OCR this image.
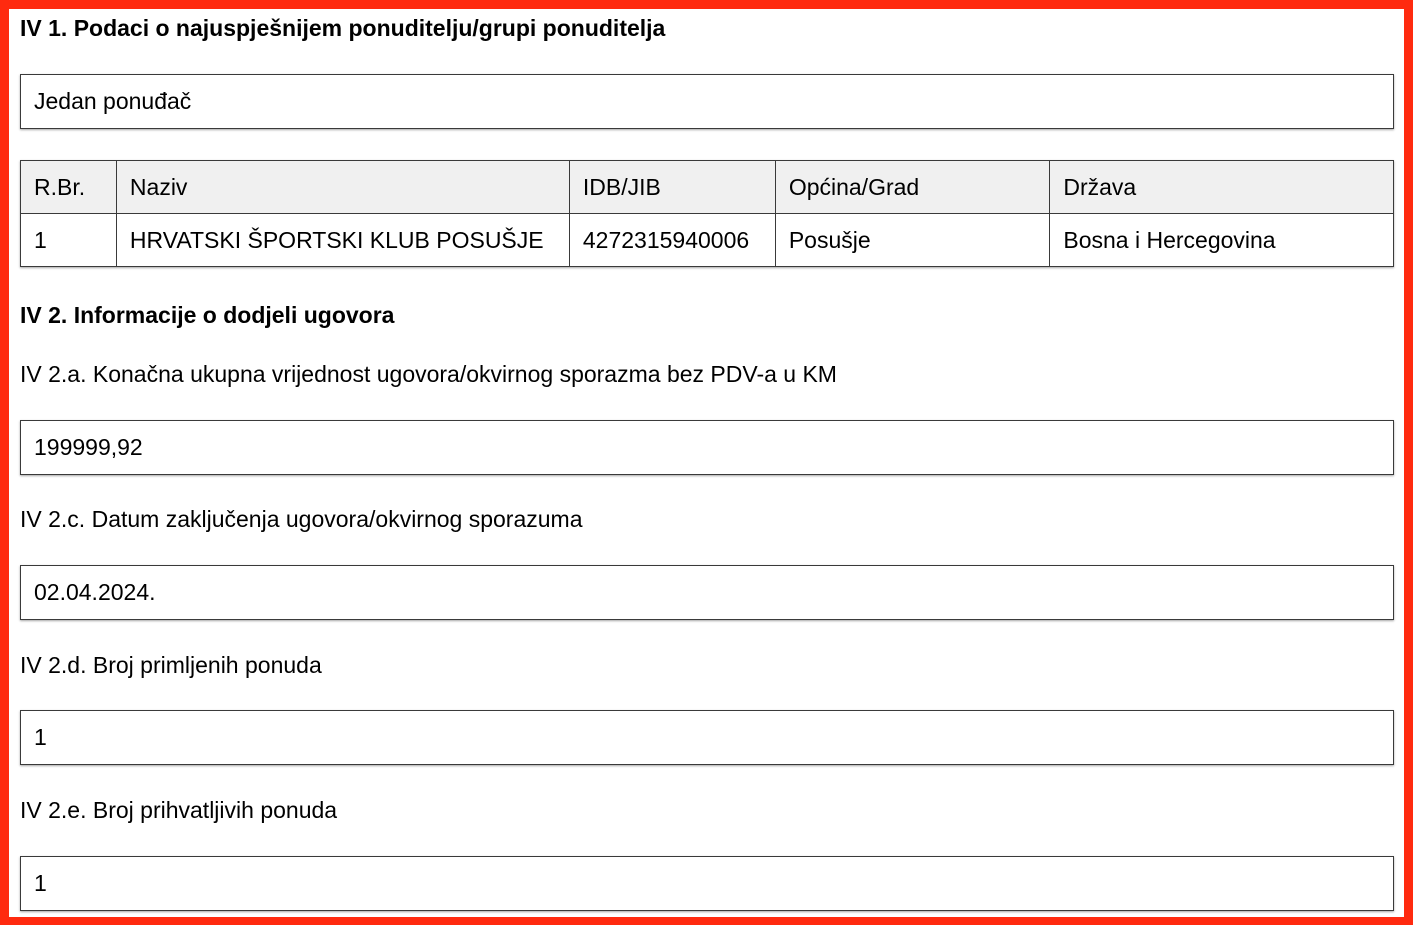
IV 1. Podaci o najuspješnijem ponuditelju/grupi ponuditelja
Jedan ponuđač
R.Br.	Naziv	IDB/JIB	Općina/Grad	Država
1	HRVATSKI ŠPORTSKI KLUB POSUŠJE	4272315940006	Posušje	Bosna i Hercegovina
IV 2. Informacije o dodjeli ugovora
IV 2.a. Konačna ukupna vrijednost ugovora/okvirnog sporazma bez PDV-a u KM
199999,92
IV 2.c. Datum zaključenja ugovora/okvirnog sporazuma
02.04.2024.
IV 2.d. Broj primljenih ponuda
1
IV 2.e. Broj prihvatljivih ponuda
1
